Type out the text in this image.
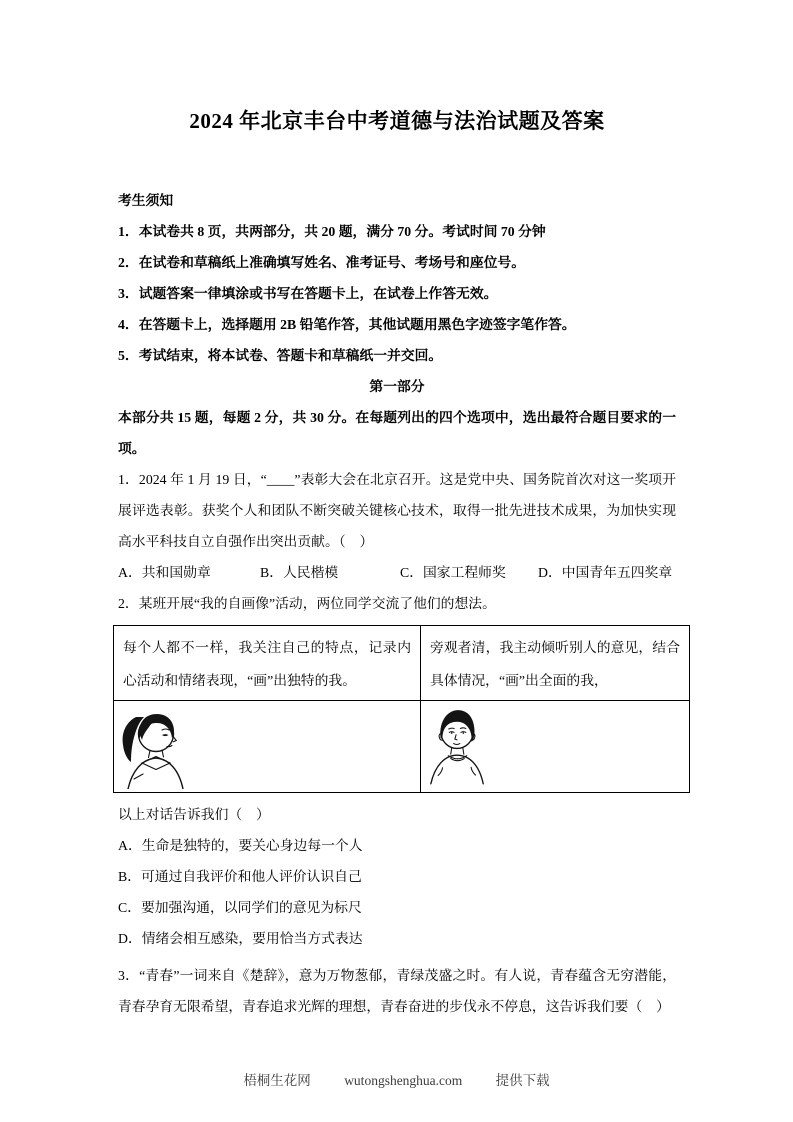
2024 年北京丰台中考道德与法治试题及答案

考生须知

1．本试卷共 8 页，共两部分，共 20 题，满分 70 分。考试时间 70 分钟

2．在试卷和草稿纸上准确填写姓名、准考证号、考场号和座位号。

3．试题答案一律填涂或书写在答题卡上，在试卷上作答无效。

4．在答题卡上，选择题用 2B 铅笔作答，其他试题用黑色字迹签字笔作答。

5．考试结束，将本试卷、答题卡和草稿纸一并交回。

第一部分

本部分共 15 题，每题 2 分，共 30 分。在每题列出的四个选项中，选出最符合题目要求的一项。

1．2024 年 1 月 19 日，“____”表彰大会在北京召开。这是党中央、国务院首次对这一奖项开展评选表彰。获奖个人和团队不断突破关键核心技术，取得一批先进技术成果，为加快实现高水平科技自立自强作出突出贡献。（　）

A．共和国勋章	B．人民楷模	C．国家工程师奖	D．中国青年五四奖章

2．某班开展“我的自画像”活动，两位同学交流了他们的想法。

每个人都不一样，我关注自己的特点，记录内心活动和情绪表现，“画”出独特的我。	旁观者清，我主动倾听别人的意见，结合具体情况，“画”出全面的我，

以上对话告诉我们（　）

A．生命是独特的，要关心身边每一个人

B．可通过自我评价和他人评价认识自己

C．要加强沟通，以同学们的意见为标尺

D．情绪会相互感染，要用恰当方式表达

3．“青春”一词来自《楚辞》，意为万物葱郁，青绿茂盛之时。有人说，青春蕴含无穷潜能，青春孕育无限希望，青春追求光辉的理想，青春奋进的步伐永不停息，这告诉我们要（　）

梧桐生花网 wutongshenghua.com 提供下载
